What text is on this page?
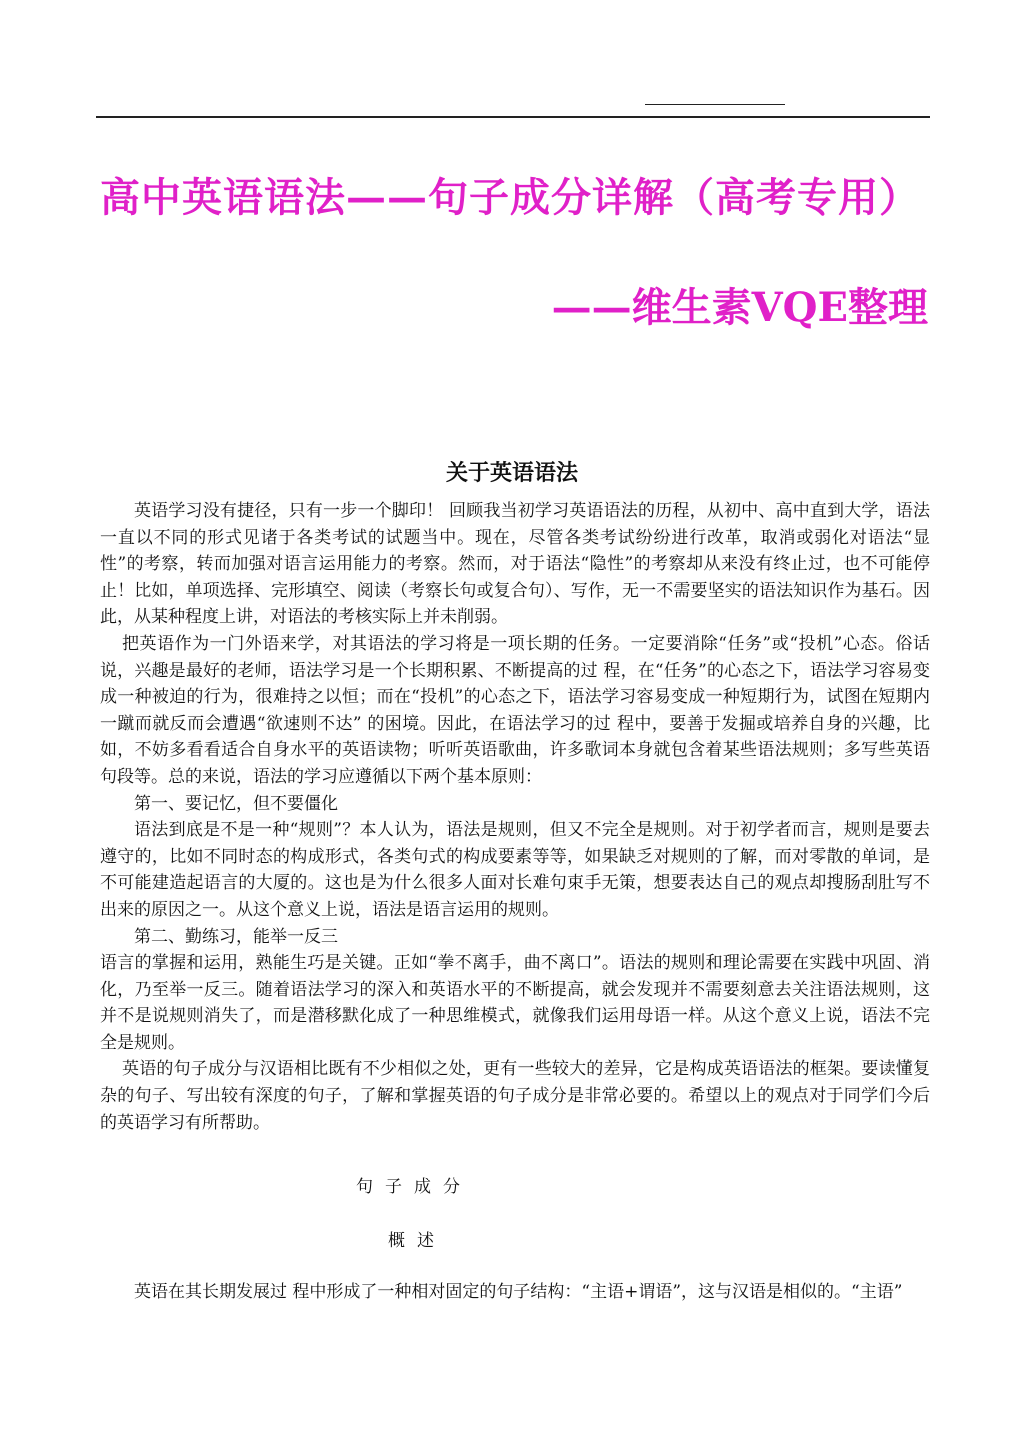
高中英语语法——句子成分详解（高考专用）
——维生素VQE整理
关于英语语法

英语学习没有捷径，只有一步一个脚印！ 回顾我当初学习英语语法的历程，从初中、高中直到大学，语法一直以不同的形式见诸于各类考试的试题当中。现在，尽管各类考试纷纷进行改革，取消或弱化对语法“显性”的考察，转而加强对语言运用能力的考察。然而，对于语法“隐性”的考察却从来没有终止过，也不可能停止！比如，单项选择、完形填空、阅读（考察长句或复合句）、写作，无一不需要坚实的语法知识作为基石。因此，从某种程度上讲，对语法的考核实际上并未削弱。

把英语作为一门外语来学，对其语法的学习将是一项长期的任务。一定要消除“任务”或“投机”心态。俗话说，兴趣是最好的老师，语法学习是一个长期积累、不断提高的过 程，在“任务”的心态之下，语法学习容易变成一种被迫的行为，很难持之以恒；而在“投机”的心态之下，语法学习容易变成一种短期行为，试图在短期内一蹴而就反而会遭遇“欲速则不达” 的困境。因此，在语法学习的过 程中，要善于发掘或培养自身的兴趣，比如，不妨多看看适合自身水平的英语读物；听听英语歌曲，许多歌词本身就包含着某些语法规则；多写些英语句段等。总的来说，语法的学习应遵循以下两个基本原则：

第一、要记忆，但不要僵化

语法到底是不是一种“规则”？本人认为，语法是规则，但又不完全是规则。对于初学者而言，规则是要去遵守的，比如不同时态的构成形式，各类句式的构成要素等等，如果缺乏对规则的了解，而对零散的单词，是不可能建造起语言的大厦的。这也是为什么很多人面对长难句束手无策，想要表达自己的观点却搜肠刮肚写不出来的原因之一。从这个意义上说，语法是语言运用的规则。

第二、勤练习，能举一反三

语言的掌握和运用，熟能生巧是关键。正如“拳不离手，曲不离口”。语法的规则和理论需要在实践中巩固、消化，乃至举一反三。随着语法学习的深入和英语水平的不断提高，就会发现并不需要刻意去关注语法规则，这并不是说规则消失了，而是潜移默化成了一种思维模式，就像我们运用母语一样。从这个意义上说，语法不完全是规则。

英语的句子成分与汉语相比既有不少相似之处，更有一些较大的差异，它是构成英语语法的框架。要读懂复杂的句子、写出较有深度的句子，了解和掌握英语的句子成分是非常必要的。希望以上的观点对于同学们今后的英语学习有所帮助。

句子成分

概述

英语在其长期发展过 程中形成了一种相对固定的句子结构：“主语+谓语”，这与汉语是相似的。“主语”
